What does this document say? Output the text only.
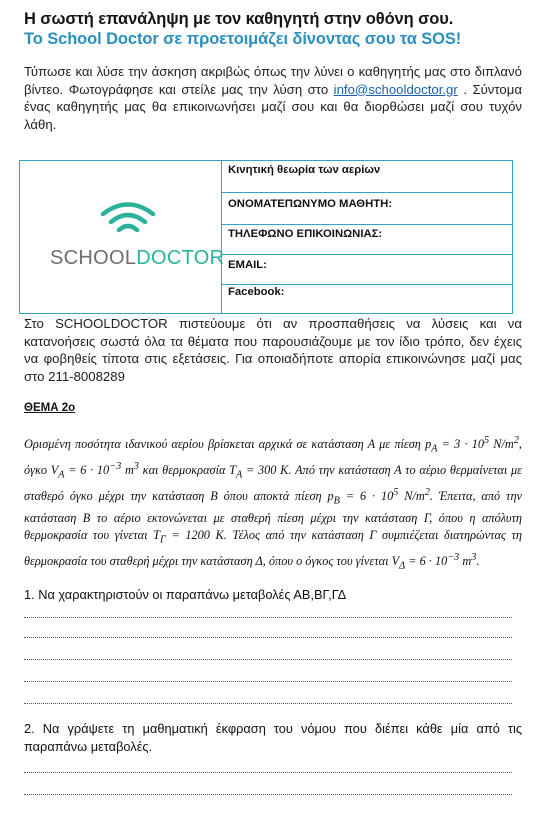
Η σωστή επανάληψη με τον καθηγητή στην οθόνη σου.
Το School Doctor σε προετοιμάζει δίνοντας σου τα SOS!
Τύπωσε και λύσε την άσκηση ακριβώς όπως την λύνει ο καθηγητής μας στο διπλανό βίντεο. Φωτογράφησε και στείλε μας την λύση στο info@schooldoctor.gr . Σύντομα ένας καθηγητής μας θα επικοινωνήσει μαζί σου και θα διορθώσει μαζί σου τυχόν λάθη.
SCHOOLDOCTOR
Κινητική θεωρία των αερίων
ΟΝΟΜΑΤΕΠΩΝΥΜΟ ΜΑΘΗΤΗ:
ΤΗΛΕΦΩΝΟ ΕΠΙΚΟΙΝΩΝΙΑΣ:
EMAIL:
Facebook:
Στο SCHOOLDOCTOR πιστεύουμε ότι αν προσπαθήσεις να λύσεις και να κατανοήσεις σωστά όλα τα θέματα που παρουσιάζουμε με τον ίδιο τρόπο, δεν έχεις να φοβηθείς τίποτα στις εξετάσεις. Για οποιαδήποτε απορία επικοινώνησε μαζί μας στο 211-8008289
ΘΕΜΑ 2ο
Ορισμένη ποσότητα ιδανικού αερίου βρίσκεται αρχικά σε κατάσταση Α με πίεση $p_A = 3 \cdot 10^5$ $N/m^2$, όγκο $V_A = 6 \cdot 10^{-3}$ $m^3$ και θερμοκρασία $T_A = 300$ K. Από την κατάσταση Α το αέριο θερμαίνεται με σταθερό όγκο μέχρι την κατάσταση Β όπου αποκτά πίεση $p_B = 6 \cdot 10^5$ $N/m^2$. Έπειτα, από την κατάσταση Β το αέριο εκτονώνεται με σταθερή πίεση μέχρι την κατάσταση Γ, όπου η απόλυτη θερμοκρασία του γίνεται $T_\Gamma = 1200$ K. Τέλος από την κατάσταση Γ συμπιέζεται διατηρώντας τη θερμοκρασία του σταθερή μέχρι την κατάσταση Δ, όπου ο όγκος του γίνεται $V_\Delta = 6 \cdot 10^{-3}$ $m^3$.
1. Να χαρακτηριστούν οι παραπάνω μεταβολές ΑΒ,ΒΓ,ΓΔ
2. Να γράψετε τη μαθηματική έκφραση του νόμου που διέπει κάθε μία από τις παραπάνω μεταβολές.
